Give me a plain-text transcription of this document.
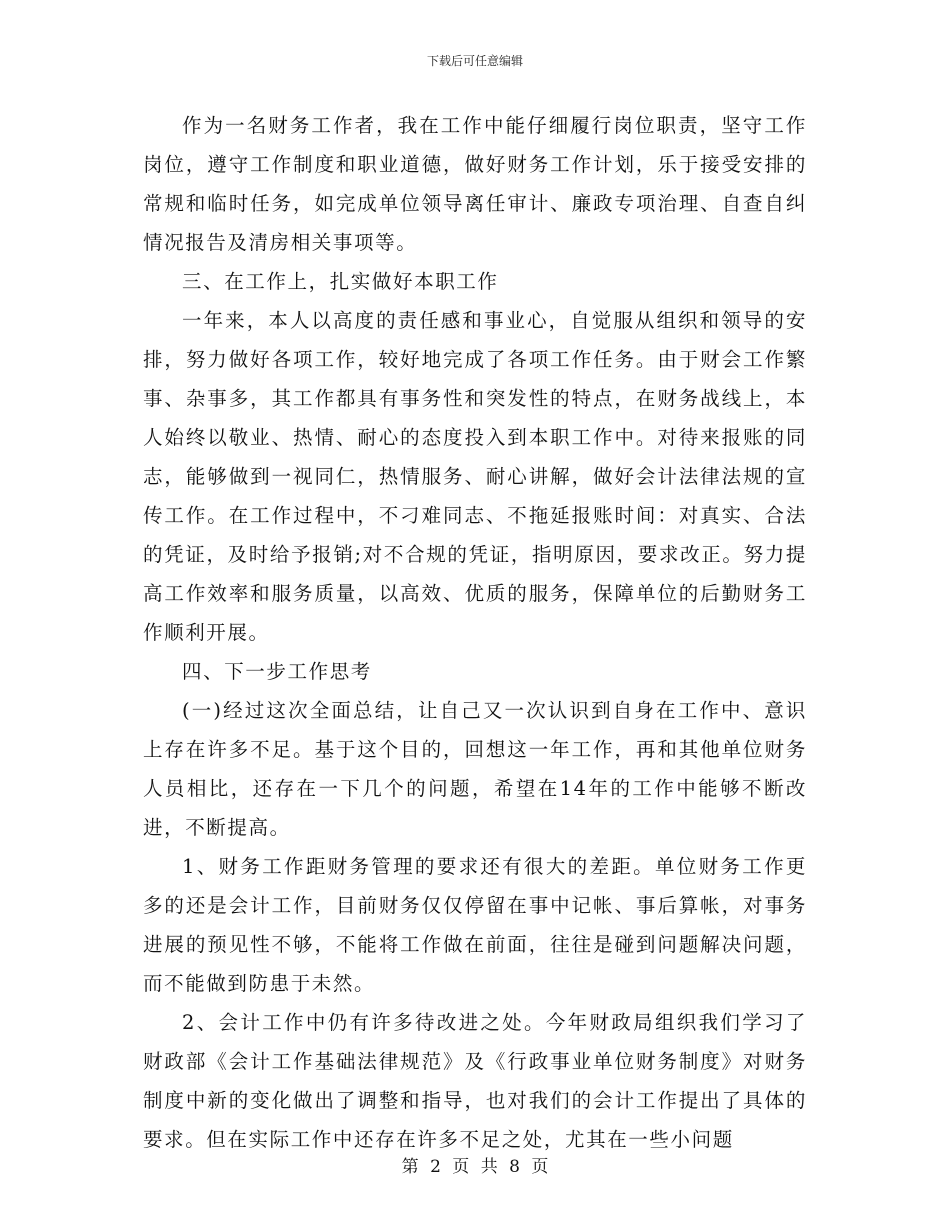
下载后可任意编辑

作为一名财务工作者，我在工作中能仔细履行岗位职责，坚守工作岗位，遵守工作制度和职业道德，做好财务工作计划，乐于接受安排的常规和临时任务，如完成单位领导离任审计、廉政专项治理、自查自纠情况报告及清房相关事项等。

三、在工作上，扎实做好本职工作

一年来，本人以高度的责任感和事业心，自觉服从组织和领导的安排，努力做好各项工作，较好地完成了各项工作任务。由于财会工作繁事、杂事多，其工作都具有事务性和突发性的特点，在财务战线上，本人始终以敬业、热情、耐心的态度投入到本职工作中。对待来报账的同志，能够做到一视同仁，热情服务、耐心讲解，做好会计法律法规的宣传工作。在工作过程中，不刁难同志、不拖延报账时间：对真实、合法的凭证，及时给予报销;对不合规的凭证，指明原因，要求改正。努力提高工作效率和服务质量，以高效、优质的服务，保障单位的后勤财务工作顺利开展。

四、下一步工作思考

(一)经过这次全面总结，让自己又一次认识到自身在工作中、意识上存在许多不足。基于这个目的，回想这一年工作，再和其他单位财务人员相比，还存在一下几个的问题，希望在14年的工作中能够不断改进，不断提高。

1、财务工作距财务管理的要求还有很大的差距。单位财务工作更多的还是会计工作，目前财务仅仅停留在事中记帐、事后算帐，对事务进展的预见性不够，不能将工作做在前面，往往是碰到问题解决问题，而不能做到防患于未然。

2、会计工作中仍有许多待改进之处。今年财政局组织我们学习了财政部《会计工作基础法律规范》及《行政事业单位财务制度》对财务制度中新的变化做出了调整和指导，也对我们的会计工作提出了具体的要求。但在实际工作中还存在许多不足之处，尤其在一些小问题

第 2 页 共 8 页
